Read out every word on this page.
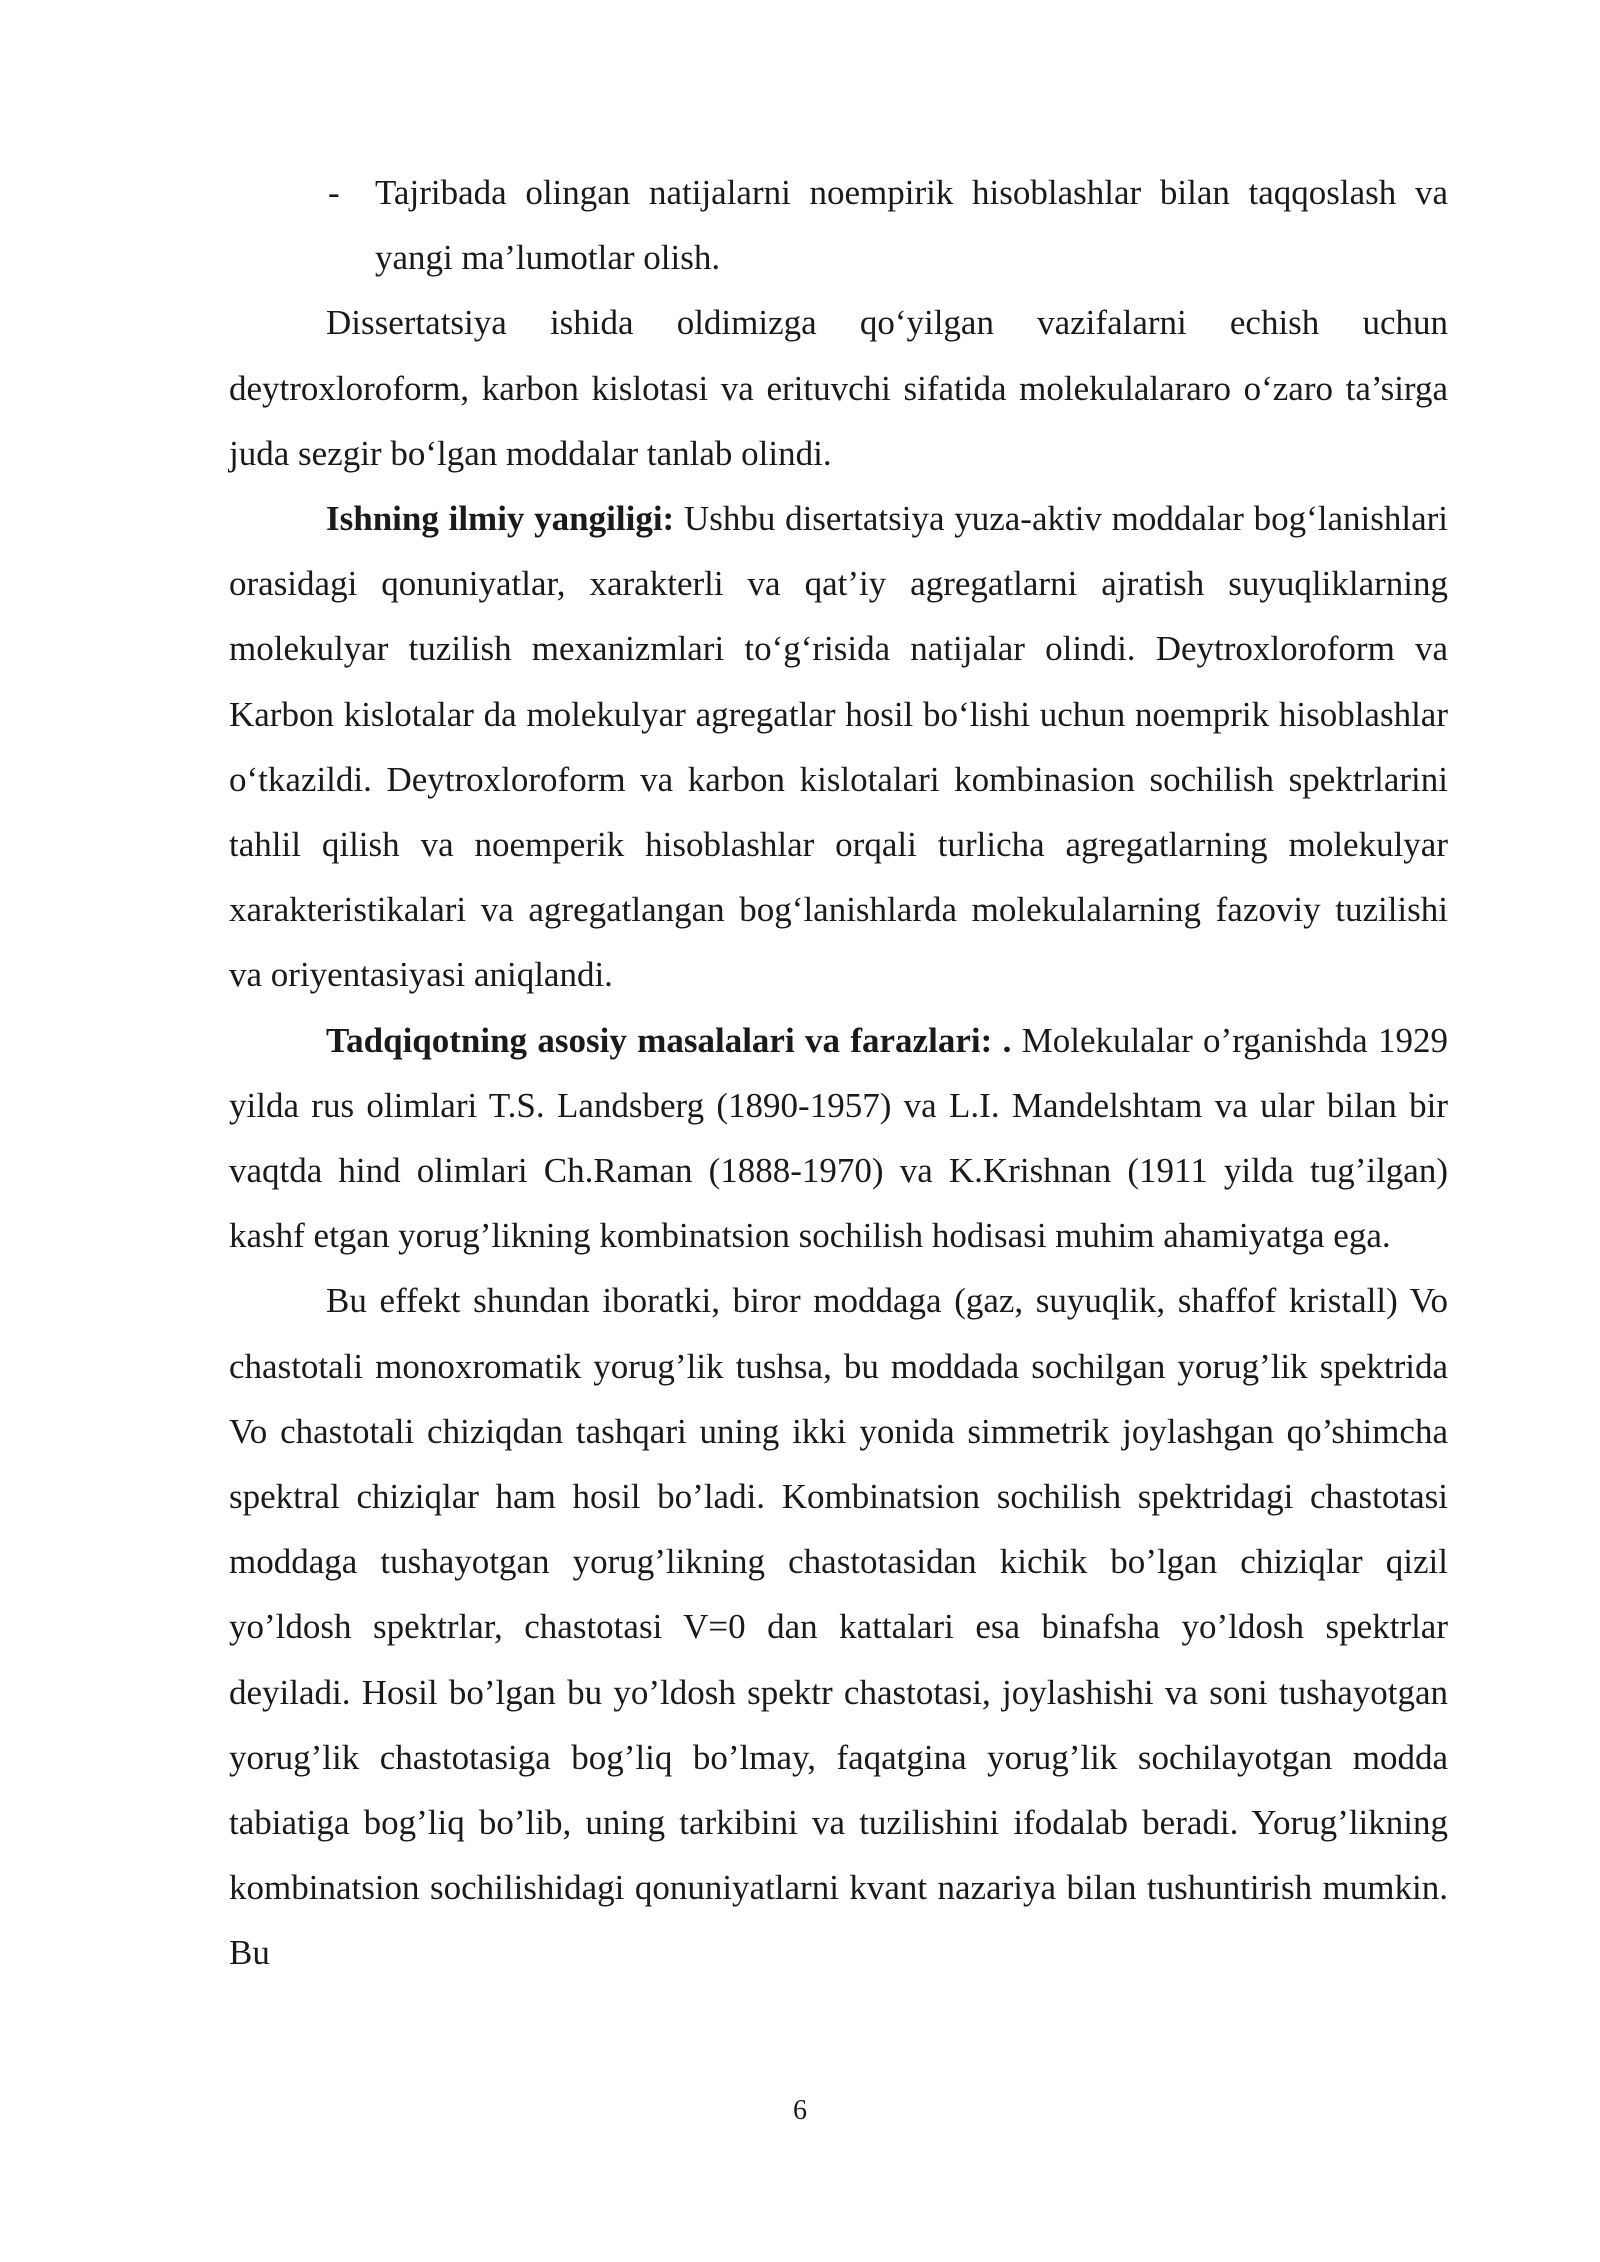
- Tajribada olingan natijalarni noempirik hisoblashlar bilan taqqoslash va yangi ma’lumotlar olish.

Dissertatsiya ishida oldimizga qo‘yilgan vazifalarni echish uchun deytroxloroform, karbon kislotasi va erituvchi sifatida molekulalararo o‘zaro ta’sirga juda sezgir bo‘lgan moddalar tanlab olindi.

Ishning ilmiy yangiligi: Ushbu disertatsiya yuza-aktiv moddalar bog‘lanishlari orasidagi qonuniyatlar, xarakterli va qat’iy agregatlarni ajratish suyuqliklarning molekulyar tuzilish mexanizmlari to‘g‘risida natijalar olindi. Deytroxloroform va Karbon kislotalar da molekulyar agregatlar hosil bo‘lishi uchun noemprik hisoblashlar o‘tkazildi. Deytroxloroform va karbon kislotalari kombinasion sochilish spektrlarini tahlil qilish va noemperik hisoblashlar orqali turlicha agregatlarning molekulyar xarakteristikalari va agregatlangan bog‘lanishlarda molekulalarning fazoviy tuzilishi va oriyentasiyasi aniqlandi.

Tadqiqotning asosiy masalalari va farazlari: . Molekulalar o’rganishda 1929 yilda rus olimlari T.S. Landsberg (1890-1957) va L.I. Mandelshtam va ular bilan bir vaqtda hind olimlari Ch.Raman (1888-1970) va K.Krishnan (1911 yilda tug’ilgan) kashf etgan yorug’likning kombinatsion sochilish hodisasi muhim ahamiyatga ega.

Bu effekt shundan iboratki, biror moddaga (gaz, suyuqlik, shaffof kristall) Vo chastotali monoxromatik yorug’lik tushsa, bu moddada sochilgan yorug’lik spektrida Vo chastotali chiziqdan tashqari uning ikki yonida simmetrik joylashgan qo’shimcha spektral chiziqlar ham hosil bo’ladi. Kombinatsion sochilish spektridagi chastotasi moddaga tushayotgan yorug’likning chastotasidan kichik bo’lgan chiziqlar qizil yo’ldosh spektrlar, chastotasi V=0 dan kattalari esa binafsha yo’ldosh spektrlar deyiladi. Hosil bo’lgan bu yo’ldosh spektr chastotasi, joylashishi va soni tushayotgan yorug’lik chastotasiga bog’liq bo’lmay, faqatgina yorug’lik sochilayotgan modda tabiatiga bog’liq bo’lib, uning tarkibini va tuzilishini ifodalab beradi. Yorug’likning kombinatsion sochilishidagi qonuniyatlarni kvant nazariya bilan tushuntirish mumkin. Bu

6
